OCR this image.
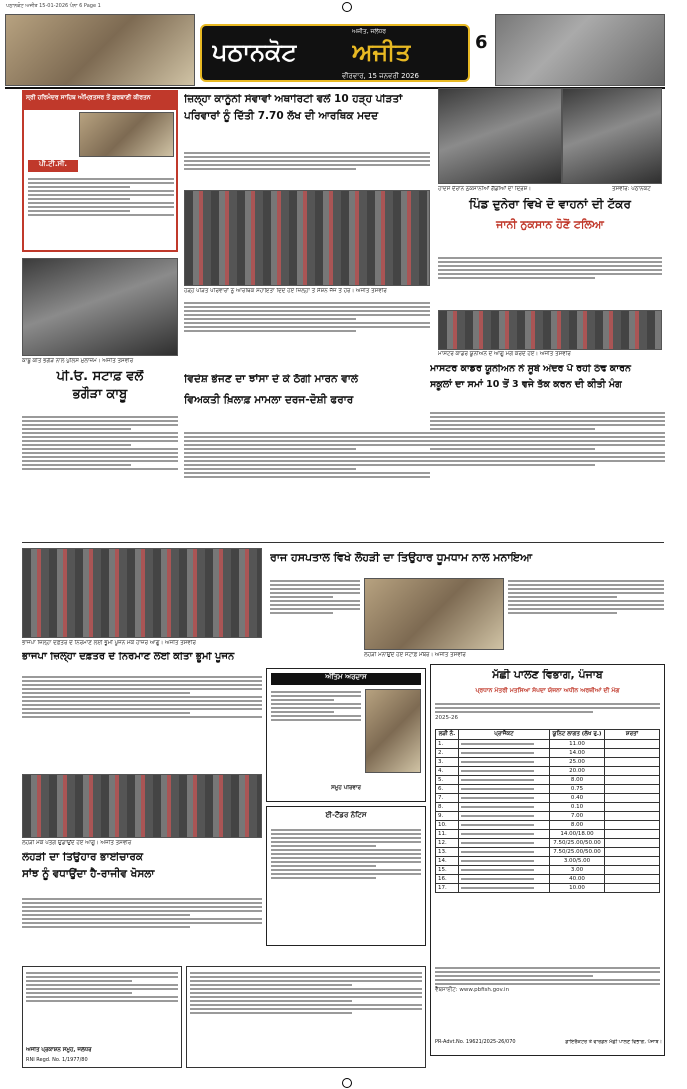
ਪਠਾਨਕੋਟ ਅਜੀਤ 15-01-2026 ਪੰਨਾ 6 Page 1
ਪਠਾਨਕੋਟ ਅਜੀਤ
ਅਜੀਤ, ਜਲੰਧਰ
ਵੀਰਵਾਰ, 15 ਜਨਵਰੀ 2026
6
ਸ੍ਰੀ ਹਰਿਮੰਦਰ ਸਾਹਿਬ ਅੰਮ੍ਰਿਤਸਰ ਤੋਂ ਗੁਰਬਾਣੀ ਕੀਰਤਨ
ਪੀ.ਟੀ.ਸੀ.
ਜ਼ਿਲ੍ਹਾ ਕਾਨੂੰਨੀ ਸੇਵਾਵਾਂ ਅਥਾਰਿਟੀ ਵਲੋਂ 10 ਹੜ੍ਹ ਪੀੜਤਾਂ
ਪਰਿਵਾਰਾਂ ਨੂੰ ਦਿੱਤੀ 7.70 ਲੱਖ ਦੀ ਆਰਥਿਕ ਮਦਦ
ਹੜ੍ਹ ਪੀੜਤ ਪਰਿਵਾਰਾਂ ਨੂੰ ਆਰਥਿਕ ਸਹਾਇਤਾ ਦਿੰਦੇ ਹੋਏ ਜ਼ਿਲ੍ਹਾ ਤੇ ਸੈਸ਼ਨ ਜੱਜ ਤੇ ਹੋਰ। ਅਜੀਤ ਤਸਵੀਰ
ਹਾਦਸੇ ਦੌਰਾਨ ਨੁਕਸਾਨੀਆਂ ਗੱਡੀਆਂ ਦਾ ਦ੍ਰਿਸ਼।	ਤਸਵੀਰ: ਪਠਾਨਕੋਟ
ਪਿੰਡ ਦੁਨੇਰਾ ਵਿਖੇ ਦੋ ਵਾਹਨਾਂ ਦੀ ਟੱਕਰ
ਜਾਨੀ ਨੁਕਸਾਨ ਹੋਣੋਂ ਟਲਿਆ
ਕਾਬੂ ਕੀਤੇ ਭਗੌੜੇ ਨਾਲ ਪੁਲਿਸ ਮੁਲਾਜ਼ਮ। ਅਜੀਤ ਤਸਵੀਰ
ਪੀ.ਓ. ਸਟਾਫ਼ ਵਲੋਂ
ਭਗੌੜਾ ਕਾਬੂ
ਮਾਸਟਰ ਕਾਡਰ ਯੂਨੀਅਨ ਦੇ ਆਗੂ ਮੰਗ ਕਰਦੇ ਹੋਏ। ਅਜੀਤ ਤਸਵੀਰ
ਮਾਸਟਰ ਕਾਡਰ ਯੂਨੀਅਨ ਨੇ ਸੂਬੇ ਅੰਦਰ ਪੈ ਰਹੀ ਠੰਢ ਕਾਰਨ
ਸਕੂਲਾਂ ਦਾ ਸਮਾਂ 10 ਤੋਂ 3 ਵਜੇ ਤੱਕ ਕਰਨ ਦੀ ਕੀਤੀ ਮੰਗ
ਵਿਦੇਸ਼ ਭੇਜਣ ਦਾ ਝਾਂਸਾ ਦੇ ਕੇ ਠੱਗੀ ਮਾਰਨ ਵਾਲੇ
ਵਿਅਕਤੀ ਖ਼ਿਲਾਫ਼ ਮਾਮਲਾ ਦਰਜ-ਦੋਸ਼ੀ ਫਰਾਰ
ਭਾਜਪਾ ਜ਼ਿਲ੍ਹਾ ਦਫ਼ਤਰ ਦੇ ਨਿਰਮਾਣ ਲਈ ਭੂਮੀ ਪੂਜਨ ਮੌਕੇ ਹਾਜ਼ਰ ਆਗੂ। ਅਜੀਤ ਤਸਵੀਰ
ਭਾਜਪਾ ਜ਼ਿਲ੍ਹਾ ਦਫ਼ਤਰ ਦੇ ਨਿਰਮਾਣ ਲਈ ਕੀਤਾ ਭੂਮੀ ਪੂਜਨ
ਰਾਜ ਹਸਪਤਾਲ ਵਿਖੇ ਲੋਹੜੀ ਦਾ ਤਿਉਹਾਰ ਧੂਮਧਾਮ ਨਾਲ ਮਨਾਇਆ
ਲੋਹੜੀ ਮਨਾਉਂਦੇ ਹੋਏ ਸਟਾਫ਼ ਮੈਂਬਰ। ਅਜੀਤ ਤਸਵੀਰ
ਅੰਤਿਮ ਅਰਦਾਸ
ਸਮੂਹ ਪਰਿਵਾਰ
ਈ-ਟੈਂਡਰ ਨੋਟਿਸ
ਲੋਹੜੀ ਮੌਕੇ ਪਤੰਗ ਉਡਾਉਂਦੇ ਹੋਏ ਆਗੂ। ਅਜੀਤ ਤਸਵੀਰ
ਲੋਹੜੀ ਦਾ ਤਿਉਹਾਰ ਭਾਈਚਾਰਕ
ਸਾਂਝ ਨੂੰ ਵਧਾਉਂਦਾ ਹੈ-ਰਾਜੀਵ ਖੋਸਲਾ
ਮੱਛੀ ਪਾਲਣ ਵਿਭਾਗ, ਪੰਜਾਬ
ਪ੍ਰਧਾਨ ਮੰਤਰੀ ਮਤਸਿਆ ਸੰਪਦਾ ਯੋਜਨਾ ਅਧੀਨ ਅਰਜ਼ੀਆਂ ਦੀ ਮੰਗ
2025-26
ਲੜੀ ਨੰ.	ਪ੍ਰਾਜੈਕਟ	ਯੂਨਿਟ ਲਾਗਤ (ਲੱਖ ਰੁ.)	ਸ਼ਰਤਾਂ
1.		11.00	
2.		14.00	
3.		25.00	
4.		20.00	
5.		8.00	
6.		0.75	
7.		0.40	
8.		0.10	
9.		7.00	
10.		8.00	
11.		14.00/18.00	
12.		7.50/25.00/50.00	
13.		7.50/25.00/50.00	
14.		3.00/5.00	
15.		3.00	
16.		40.00	
17.		10.00	
ਵੈੱਬਸਾਈਟ: www.pbfish.gov.in
PR-Advt.No. 19621/2025-26/070	ਡਾਇਰੈਕਟਰ ਤੇ ਵਾਰਡਨ ਮੱਛੀ ਪਾਲਣ ਵਿਭਾਗ, ਪੰਜਾਬ।
ਅਜੀਤ ਪ੍ਰਕਾਸ਼ਨ ਸਮੂਹ, ਜਲੰਧਰ
RNI Regd. No. 1/1977/80
